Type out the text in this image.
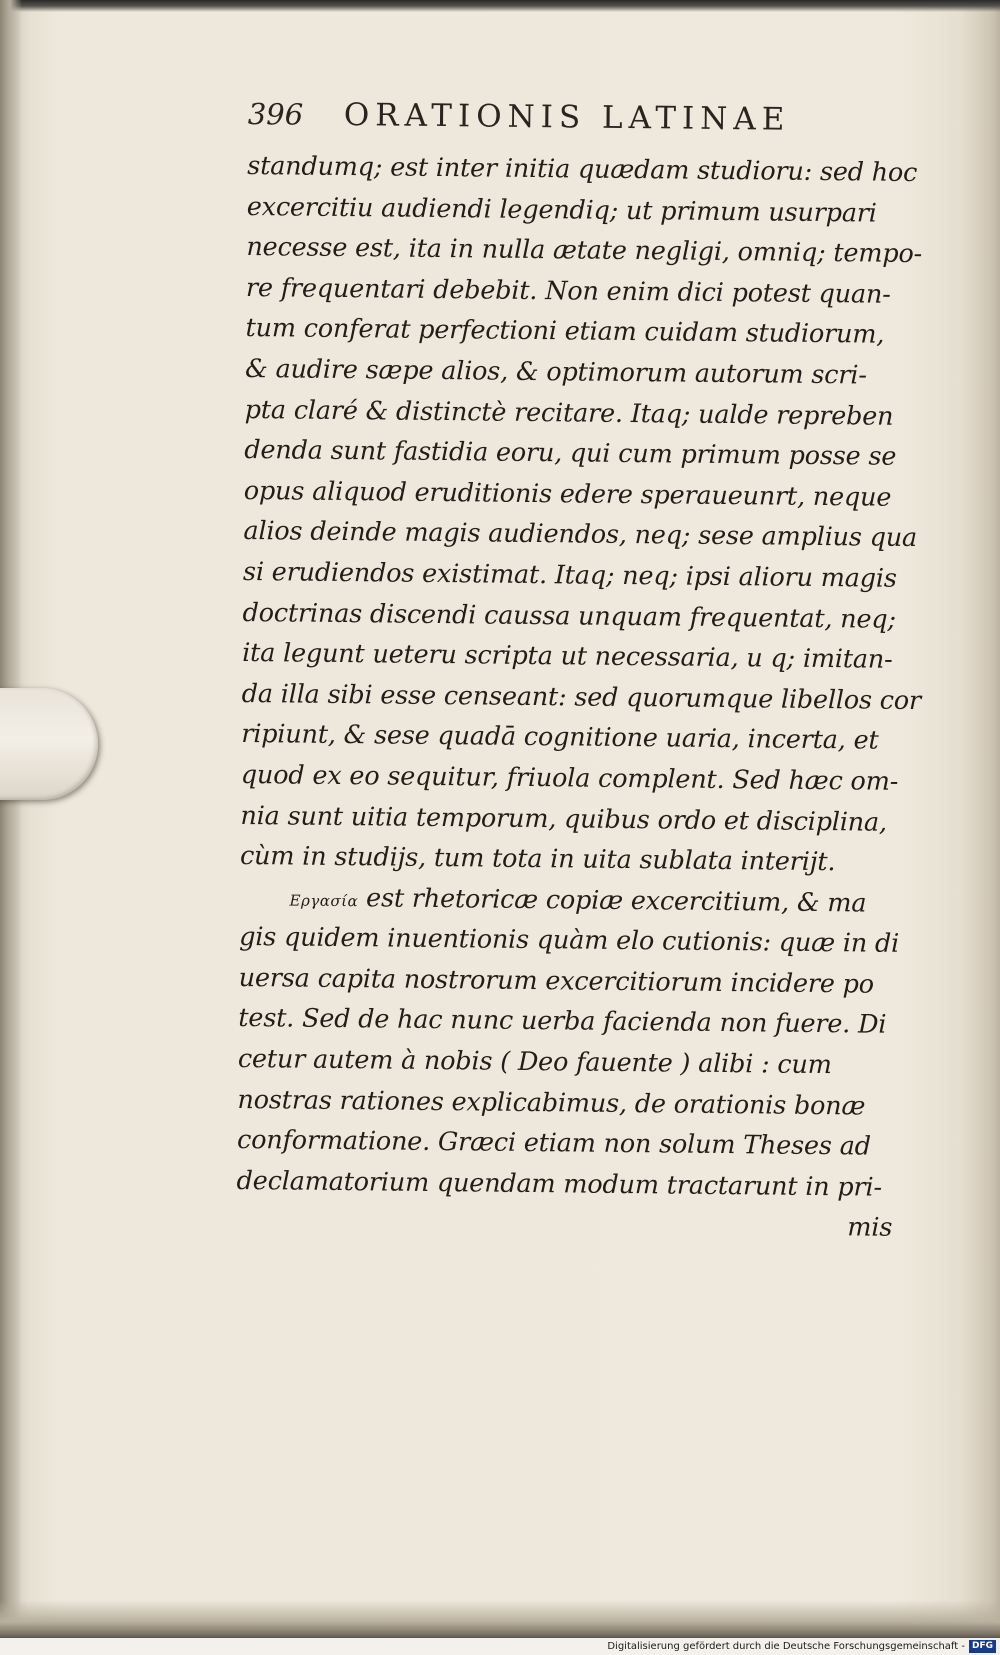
396	ORATIONIS LATINAE
standumq; est inter initia quædam studioru: sed hoc
excercitiu audiendi legendiq; ut primum usurpari
necesse est, ita in nulla ætate negligi, omniq; tempo-
re frequentari debebit. Non enim dici potest quan-
tum conferat perfectioni etiam cuidam studiorum,
& audire sæpe alios, & optimorum autorum scri-
pta claré & distinctè recitare. Itaq; ualde repreben
denda sunt fastidia eoru, qui cum primum posse se
opus aliquod eruditionis edere speraueunrt, neque
alios deinde magis audiendos, neq; sese amplius qua
si erudiendos existimat. Itaq; neq; ipsi alioru magis
doctrinas discendi caussa unquam frequentat, neq;
ita legunt ueteru scripta ut necessaria, u q; imitan-
da illa sibi esse censeant: sed quorumque libellos cor
ripiunt, & sese quadā cognitione uaria, incerta, et
quod ex eo sequitur, friuola complent. Sed hæc om-
nia sunt uitia temporum, quibus ordo et disciplina,
cùm in studijs, tum tota in uita sublata interijt.
Εργασία est rhetoricæ copiæ excercitium, & ma
gis quidem inuentionis quàm elo cutionis: quæ in di
uersa capita nostrorum excercitiorum incidere po
test. Sed de hac nunc uerba facienda non fuere. Di
cetur autem à nobis ( Deo fauente ) alibi : cum
nostras rationes explicabimus, de orationis bonæ
conformatione. Græci etiam non solum Theses ad
declamatorium quendam modum tractarunt in pri-
mis
Digitalisierung gefördert durch die Deutsche Forschungsgemeinschaft - DFG
